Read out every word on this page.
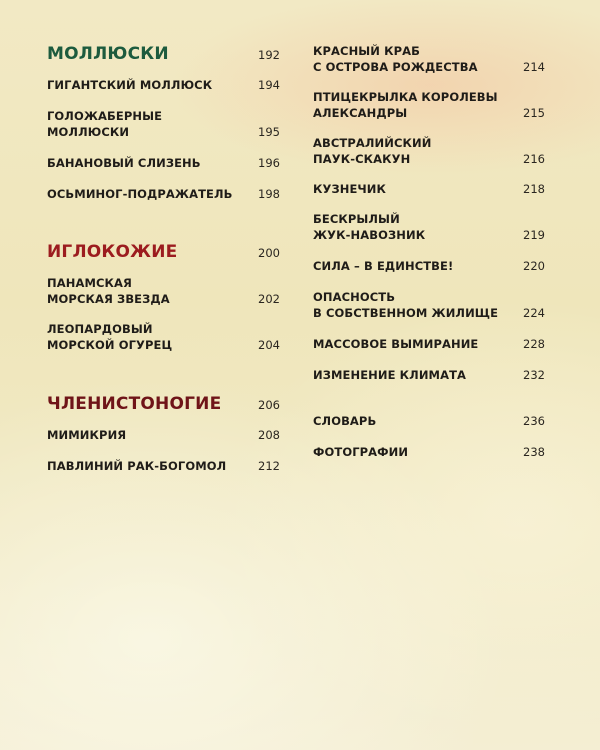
МОЛЛЮСКИ	192
ГИГАНТСКИЙ МОЛЛЮСК	194
ГОЛОЖАБЕРНЫЕ МОЛЛЮСКИ	195
БАНАНОВЫЙ СЛИЗЕНЬ	196
ОСЬМИНОГ-ПОДРАЖАТЕЛЬ	198
ИГЛОКОЖИЕ	200
ПАНАМСКАЯ
МОРСКАЯ ЗВЕЗДА	202
ЛЕОПАРДОВЫЙ
МОРСКОЙ ОГУРЕЦ	204
ЧЛЕНИСТОНОГИЕ	206
МИМИКРИЯ	208
ПАВЛИНИЙ РАК-БОГОМОЛ	212
КРАСНЫЙ КРАБ
С ОСТРОВА РОЖДЕСТВА	214
ПТИЦЕКРЫЛКА КОРОЛЕВЫ
АЛЕКСАНДРЫ	215
АВСТРАЛИЙСКИЙ
ПАУК-СКАКУН	216
КУЗНЕЧИК	218
БЕСКРЫЛЫЙ
ЖУК-НАВОЗНИК	219
СИЛА – В ЕДИНСТВЕ!	220
ОПАСНОСТЬ
В СОБСТВЕННОМ ЖИЛИЩЕ	224
МАССОВОЕ ВЫМИРАНИЕ	228
ИЗМЕНЕНИЕ КЛИМАТА	232
СЛОВАРЬ	236
ФОТОГРАФИИ	238
